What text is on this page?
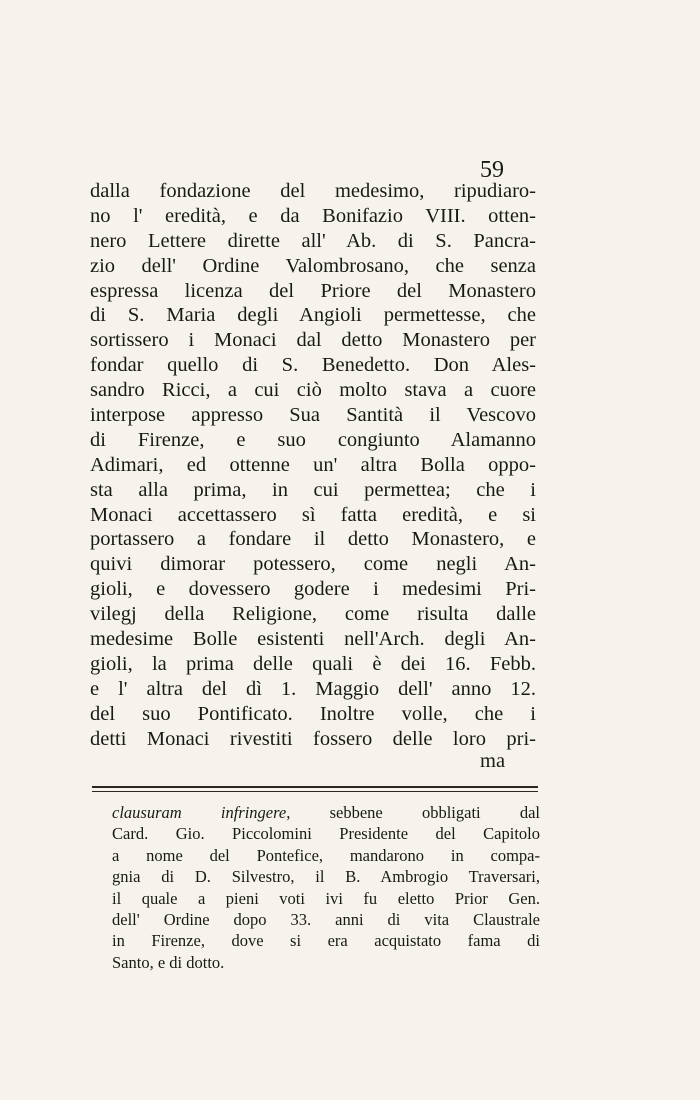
59
dalla fondazione del medesimo, ripudiaro-
no l' eredità, e da Bonifazio VIII. otten-
nero Lettere dirette all' Ab. di S. Pancra-
zio dell' Ordine Valombrosano, che senza
espressa licenza del Priore del Monastero
di S. Maria degli Angioli permettesse, che
sortissero i Monaci dal detto Monastero per
fondar quello di S. Benedetto. Don Ales-
sandro Ricci, a cui ciò molto stava a cuore
interpose appresso Sua Santità il Vescovo
di Firenze, e suo congiunto Alamanno
Adimari, ed ottenne un' altra Bolla oppo-
sta alla prima, in cui permettea; che i
Monaci accettassero sì fatta eredità, e si
portassero a fondare il detto Monastero, e
quivi dimorar potessero, come negli An-
gioli, e dovessero godere i medesimi Pri-
vilegj della Religione, come risulta dalle
medesime Bolle esistenti nell'Arch. degli An-
gioli, la prima delle quali è dei 16. Febb.
e l' altra del dì 1. Maggio dell' anno 12.
del suo Pontificato. Inoltre volle, che i
detti Monaci rivestiti fossero delle loro pri-
ma
clausuram infringere, sebbene obbligati dal
Card. Gio. Piccolomini Presidente del Capitolo
a nome del Pontefice, mandarono in compa-
gnia di D. Silvestro, il B. Ambrogio Traversari,
il quale a pieni voti ivi fu eletto Prior Gen.
dell' Ordine dopo 33. anni di vita Claustrale
in Firenze, dove si era acquistato fama di
Santo, e di dotto.
